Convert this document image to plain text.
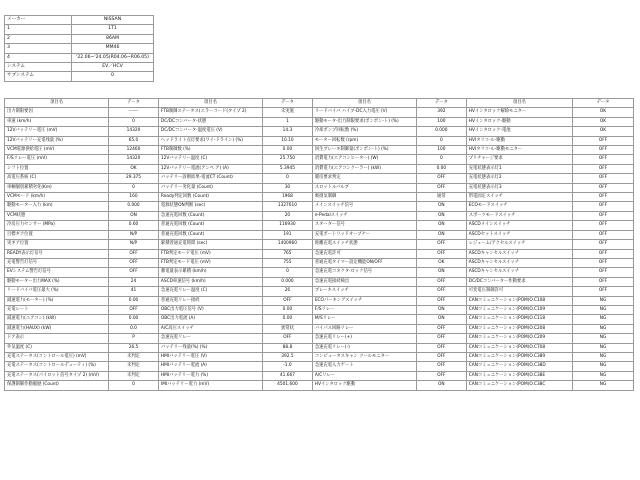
メーカー	NISSAN
1	1T1
2	86AM
3	MM46
4	'22.06~'24.05(R04.06~R06.05)
システム	EV／HCV
サブシステム	0
項目名	データ	項目名	データ	項目名	データ	項目名	データ
出力制限要因	------	FTB制御ステータス(エラーコード(タイプ 2)	未実施	リードバイバ ハイブ-DC入力電圧 (V)	392	HVインタロック解除モニター	OK
車速 (km/h)	0	DC/DCコンバータ-状態	1	駆動モータ-出力制限要求(ボンボン-ト) (%)	100	HVインタロック-駆動	OK
12Vバッテリー電圧 (mV)	14320	DC/DCコンバータ-温度電圧 (V)	14.3	冷却ポンプ回転数 (%)	0.000	HVインタロック-電池	OK
12Vバッテリー充電残量 (%)	65.0	ヘッドライト点灯要求(ワイ-ドライン) (%)	10.10	モーター回転数 (rpm)	0	HVIタリコ-ル-駆動	OFF
VCM電源供給電圧 (mV)	12460	FTB制御数 (%)	0.00	回生ブレーキ制御量(ボンボン-ト) (%)	100	HVIタリコ-ル-駆動モニター	OFF
F/Sリレー電圧 (mV)	14320	12Vバッテリー温度 (C)	25.750	消費電力(エアコンヒーター) (W)	0	プリチャージ要求	OFF
シフト位置	OK	12Vバッテリー電流(アンペ ア) (A)	5.3945	消費電力(エアコンクーラー) (kW)	0.00	充電状態表示灯1	OFF
高電圧系統 (C)	29.375	バッテリー診断結果-電流CT (Count)	0	暖房要求判定	OFF	充電状態表示灯2	OFF
車輌個別累積劣化(Km)	0	バッテリー劣化量 (Count)	30	スロットルバルブ	OFF	充電状態表示灯3	OFF
VCMモード (km/h)	160	Ready判定回数 (Count)	1968	吸排気制御	通常	帯電固定スイッチ	OFF
駆動モーター入力 (km)	0.000	電源状態ON判断 (sec)	1327610	メインスイッチ信号	ON	ECOモードスイッチ	OFF
VCM状態	ON	急速充電回数 (Count)	20	e-Pedalスイッチ	ON	スポーツモードスイッチ	OFF
冷房圧力センサー (MPa)	0.60	普通充電回数 (Count)	116930	スターター信号	ON	ASCDメインスイッチ	OFF
目標ギア位置	N/P	普通充電回数 (Count)	191	充電ポートリッドオープナー	ON	ASCDセットスイッチ	OFF
実ギア位置	N/P	累積普通充電時間 (sec)	1400960	距離充電スイッチ状態	OFF	レジューム/アクセルスイッチ	OFF
READY表示灯信号	OFF	FTB判定モード電圧 (mV)	765	急速充電許可	OFF	ASCDキャンセルスイッチ	OFF
充電警告灯信号	OFF	FTB判定モード電圧 (mV)	755	普通充電タイマー設定機能ON/OFF	OK	ASCDキャンセルスイッチ	OFF
EVシステム警告灯信号	OFF	蓄電量表示累積 (km/h)	0	急速充電コネクタ-ロック信号	ON	ASCDキャンセルスイッチ	OFF
駆動モーター出力MAX (%)	24	ASCD車速信号 (km/h)	0.000	急速充電接続検出	OFF	DC/DCコンバーター作動要求	OFF
リードバイバ電圧最大 (%)	41	急速充電リレー温度 (C)	26	ブレーキスイッチ	OFF	可変電圧制御許可	OFF
減速電力(モーター) (%)	0.00	普通充電リレー接続	OFF	ECOパーキングスイッチ	OFF	CANコミュニケーション(POM)O.C108	NG
充電レート	OFF	OBC出力電圧信号 (V)	0.00	F/Sリレー	ON	CANコミュニケーション(POM)O.C109	NG
減速電力(エアコン) (kW)	0.00	OBC出力電流 (A)	0.00	M/Sリレー	ON	CANコミュニケーション(POM)O.C118	NG
減速電力(HAUX) (kW)	0.0	A/C高圧スイッチ	異常状	バイパス回路リレー	OFF	CANコミュニケーション(POM)O.C208	NG
ドア表示	P	急速充電リレー	OFF	急速充電リレー(+)	OFF	CANコミュニケーション(POM)O.C209	NG
外気温度 (C)	26.5	バッテリー残量(%) (%)	88.8	急速充電リレー(-)	OFF	CANコミュニケーション(POM)O.C708	NG
充電ステータス(コントロール電圧) (mV)	未判定	HMIバッテリー電圧 (V)	392.5	コンピュータスキャン ツールモニター	OFF	CANコミュニケーション(POM)O.C389	NG
充電ステータス(コントロールデューティ) (%)	未判定	HMIバッテリー電流 (A)	-1.0	急速充電入力ゲート	OFF	CANコミュニケーション(POM)O.C38D	NG
充電ステータス(パイロット信号タイプ 2) (mV)	未判定	HMIバッテリー電力 (%)	41.667	A/Cリレー	OFF	CANコミュニケーション(POM)O.C38E	NG
保護制御作動履歴 (Count)	0	IMIバッテリー電力 (mV)	4501.600	HVインタロック駆動	ON	CANコミュニケーション(POM)O.C38C	NG
